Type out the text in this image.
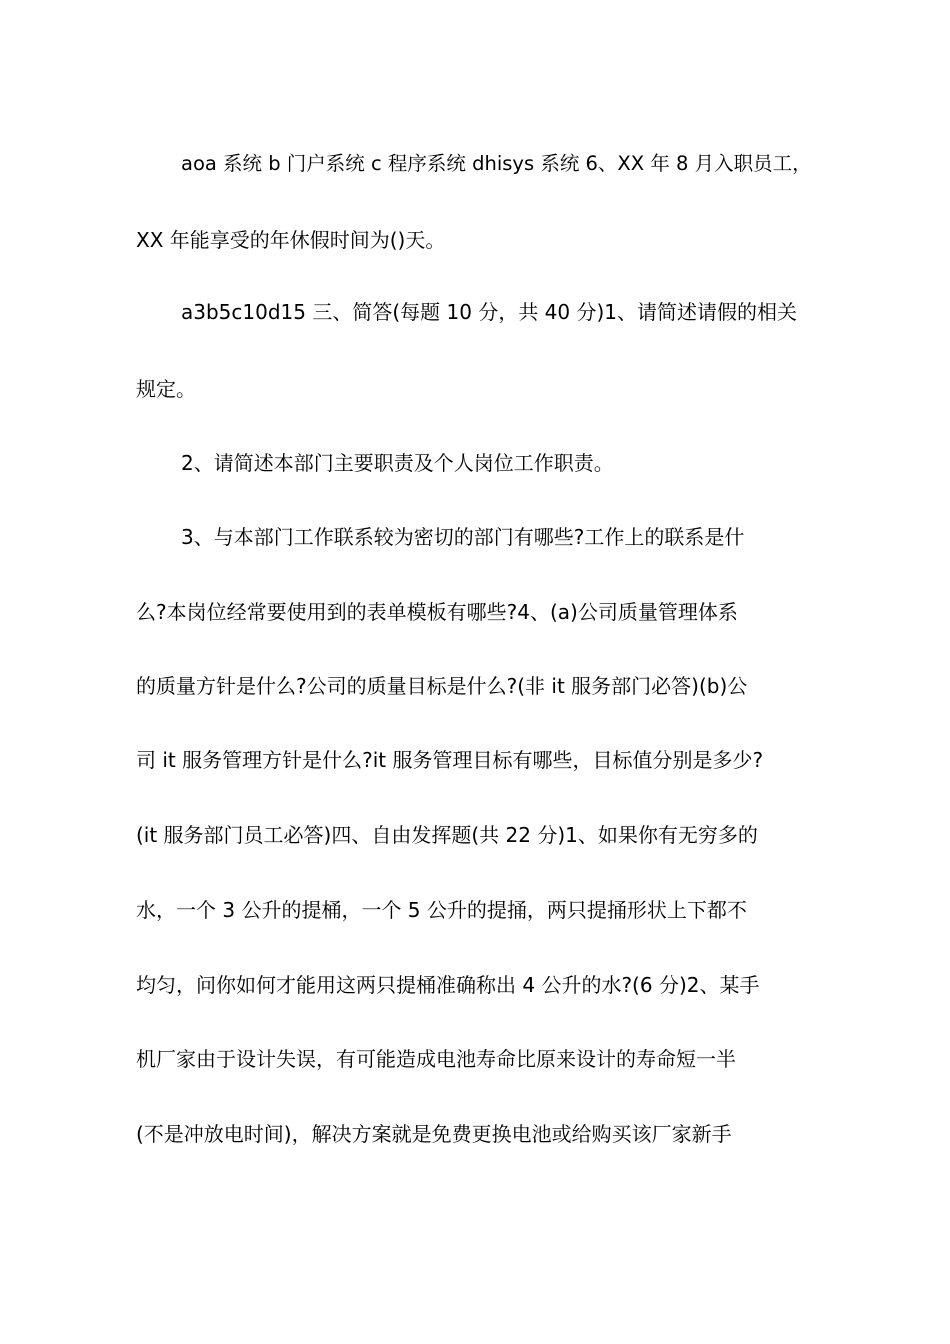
aoa 系统 b 门户系统 c 程序系统 dhisys 系统 6、XX 年 8 月入职员工，
XX 年能享受的年休假时间为()天。
a3b5c10d15 三、简答(每题 10 分，共 40 分)1、请简述请假的相关
规定。
2、请简述本部门主要职责及个人岗位工作职责。
3、与本部门工作联系较为密切的部门有哪些?工作上的联系是什
么?本岗位经常要使用到的表单模板有哪些?4、(a)公司质量管理体系
的质量方针是什么?公司的质量目标是什么?(非 it 服务部门必答)(b)公
司 it 服务管理方针是什么?it 服务管理目标有哪些，目标值分别是多少?
(it 服务部门员工必答)四、自由发挥题(共 22 分)1、如果你有无穷多的
水，一个 3 公升的提桶，一个 5 公升的提捅，两只提捅形状上下都不
均匀，问你如何才能用这两只提桶准确称出 4 公升的水?(6 分)2、某手
机厂家由于设计失误，有可能造成电池寿命比原来设计的寿命短一半
(不是冲放电时间)，解决方案就是免费更换电池或给购买该厂家新手
